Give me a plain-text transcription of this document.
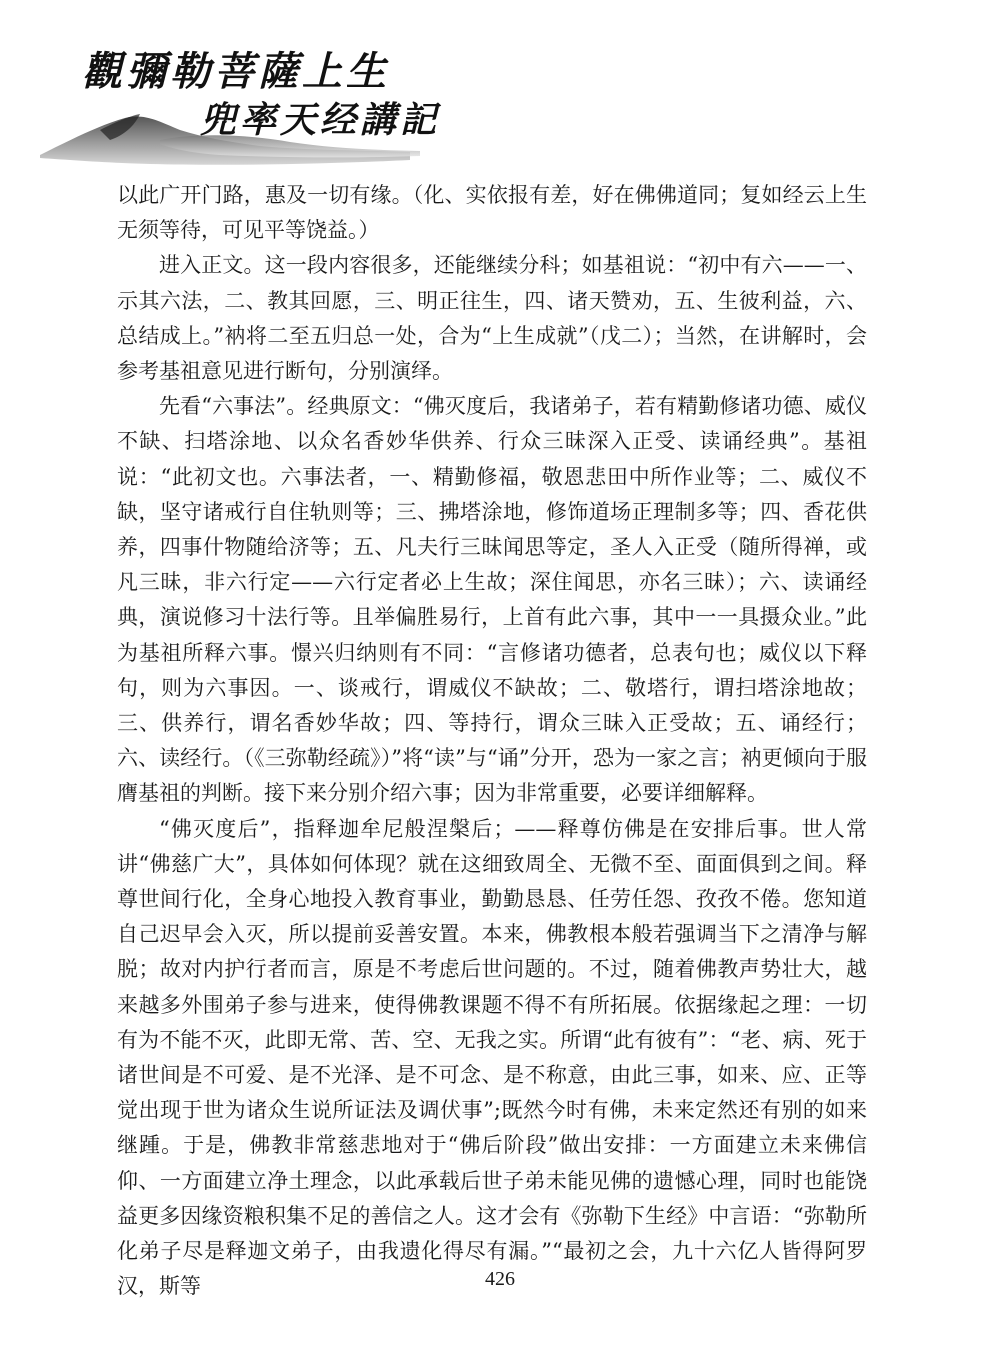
觀彌勒菩薩上生
兜率天经講記

以此广开门路，惠及一切有缘。（化、实依报有差，好在佛佛道同；复如经云上生无须等待，可见平等饶益。）

进入正文。这一段内容很多，还能继续分科；如基祖说：“初中有六——一、示其六法，二、教其回愿，三、明正往生，四、诸天赞劝，五、生彼利益，六、总结成上。”衲将二至五归总一处，合为“上生成就”（戊二）；当然，在讲解时，会参考基祖意见进行断句，分别演绎。

先看“六事法”。经典原文：“佛灭度后，我诸弟子，若有精勤修诸功德、威仪不缺、扫塔涂地、以众名香妙华供养、行众三昧深入正受、读诵经典”。基祖说：“此初文也。六事法者，一、精勤修福，敬恩悲田中所作业等；二、威仪不缺，坚守诸戒行自住轨则等；三、拂塔涂地，修饰道场正理制多等；四、香花供养，四事什物随给济等；五、凡夫行三昧闻思等定，圣人入正受（随所得禅，或凡三昧，非六行定——六行定者必上生故；深住闻思，亦名三昧）；六、读诵经典，演说修习十法行等。且举偏胜易行，上首有此六事，其中一一具摄众业。”此为基祖所释六事。憬兴归纳则有不同：“言修诸功德者，总表句也；威仪以下释句，则为六事因。一、谈戒行，谓威仪不缺故；二、敬塔行，谓扫塔涂地故；三、供养行，谓名香妙华故；四、等持行，谓众三昧入正受故；五、诵经行；六、读经行。（《三弥勒经疏》）”将“读”与“诵”分开，恐为一家之言；衲更倾向于服膺基祖的判断。接下来分别介绍六事；因为非常重要，必要详细解释。

“佛灭度后”，指释迦牟尼般涅槃后；——释尊仿佛是在安排后事。世人常讲“佛慈广大”，具体如何体现？就在这细致周全、无微不至、面面俱到之间。释尊世间行化，全身心地投入教育事业，勤勤恳恳、任劳任怨、孜孜不倦。您知道自己迟早会入灭，所以提前妥善安置。本来，佛教根本般若强调当下之清净与解脱；故对内护行者而言，原是不考虑后世问题的。不过，随着佛教声势壮大，越来越多外围弟子参与进来，使得佛教课题不得不有所拓展。依据缘起之理：一切有为不能不灭，此即无常、苦、空、无我之实。所谓“此有彼有”：“老、病、死于诸世间是不可爱、是不光泽、是不可念、是不称意，由此三事，如来、应、正等觉出现于世为诸众生说所证法及调伏事”;既然今时有佛，未来定然还有别的如来继踵。于是，佛教非常慈悲地对于“佛后阶段”做出安排：一方面建立未来佛信仰、一方面建立净土理念，以此承载后世子弟未能见佛的遗憾心理，同时也能饶益更多因缘资粮积集不足的善信之人。这才会有《弥勒下生经》中言语：“弥勒所化弟子尽是释迦文弟子，由我遗化得尽有漏。”“最初之会，九十六亿人皆得阿罗汉，斯等	426
